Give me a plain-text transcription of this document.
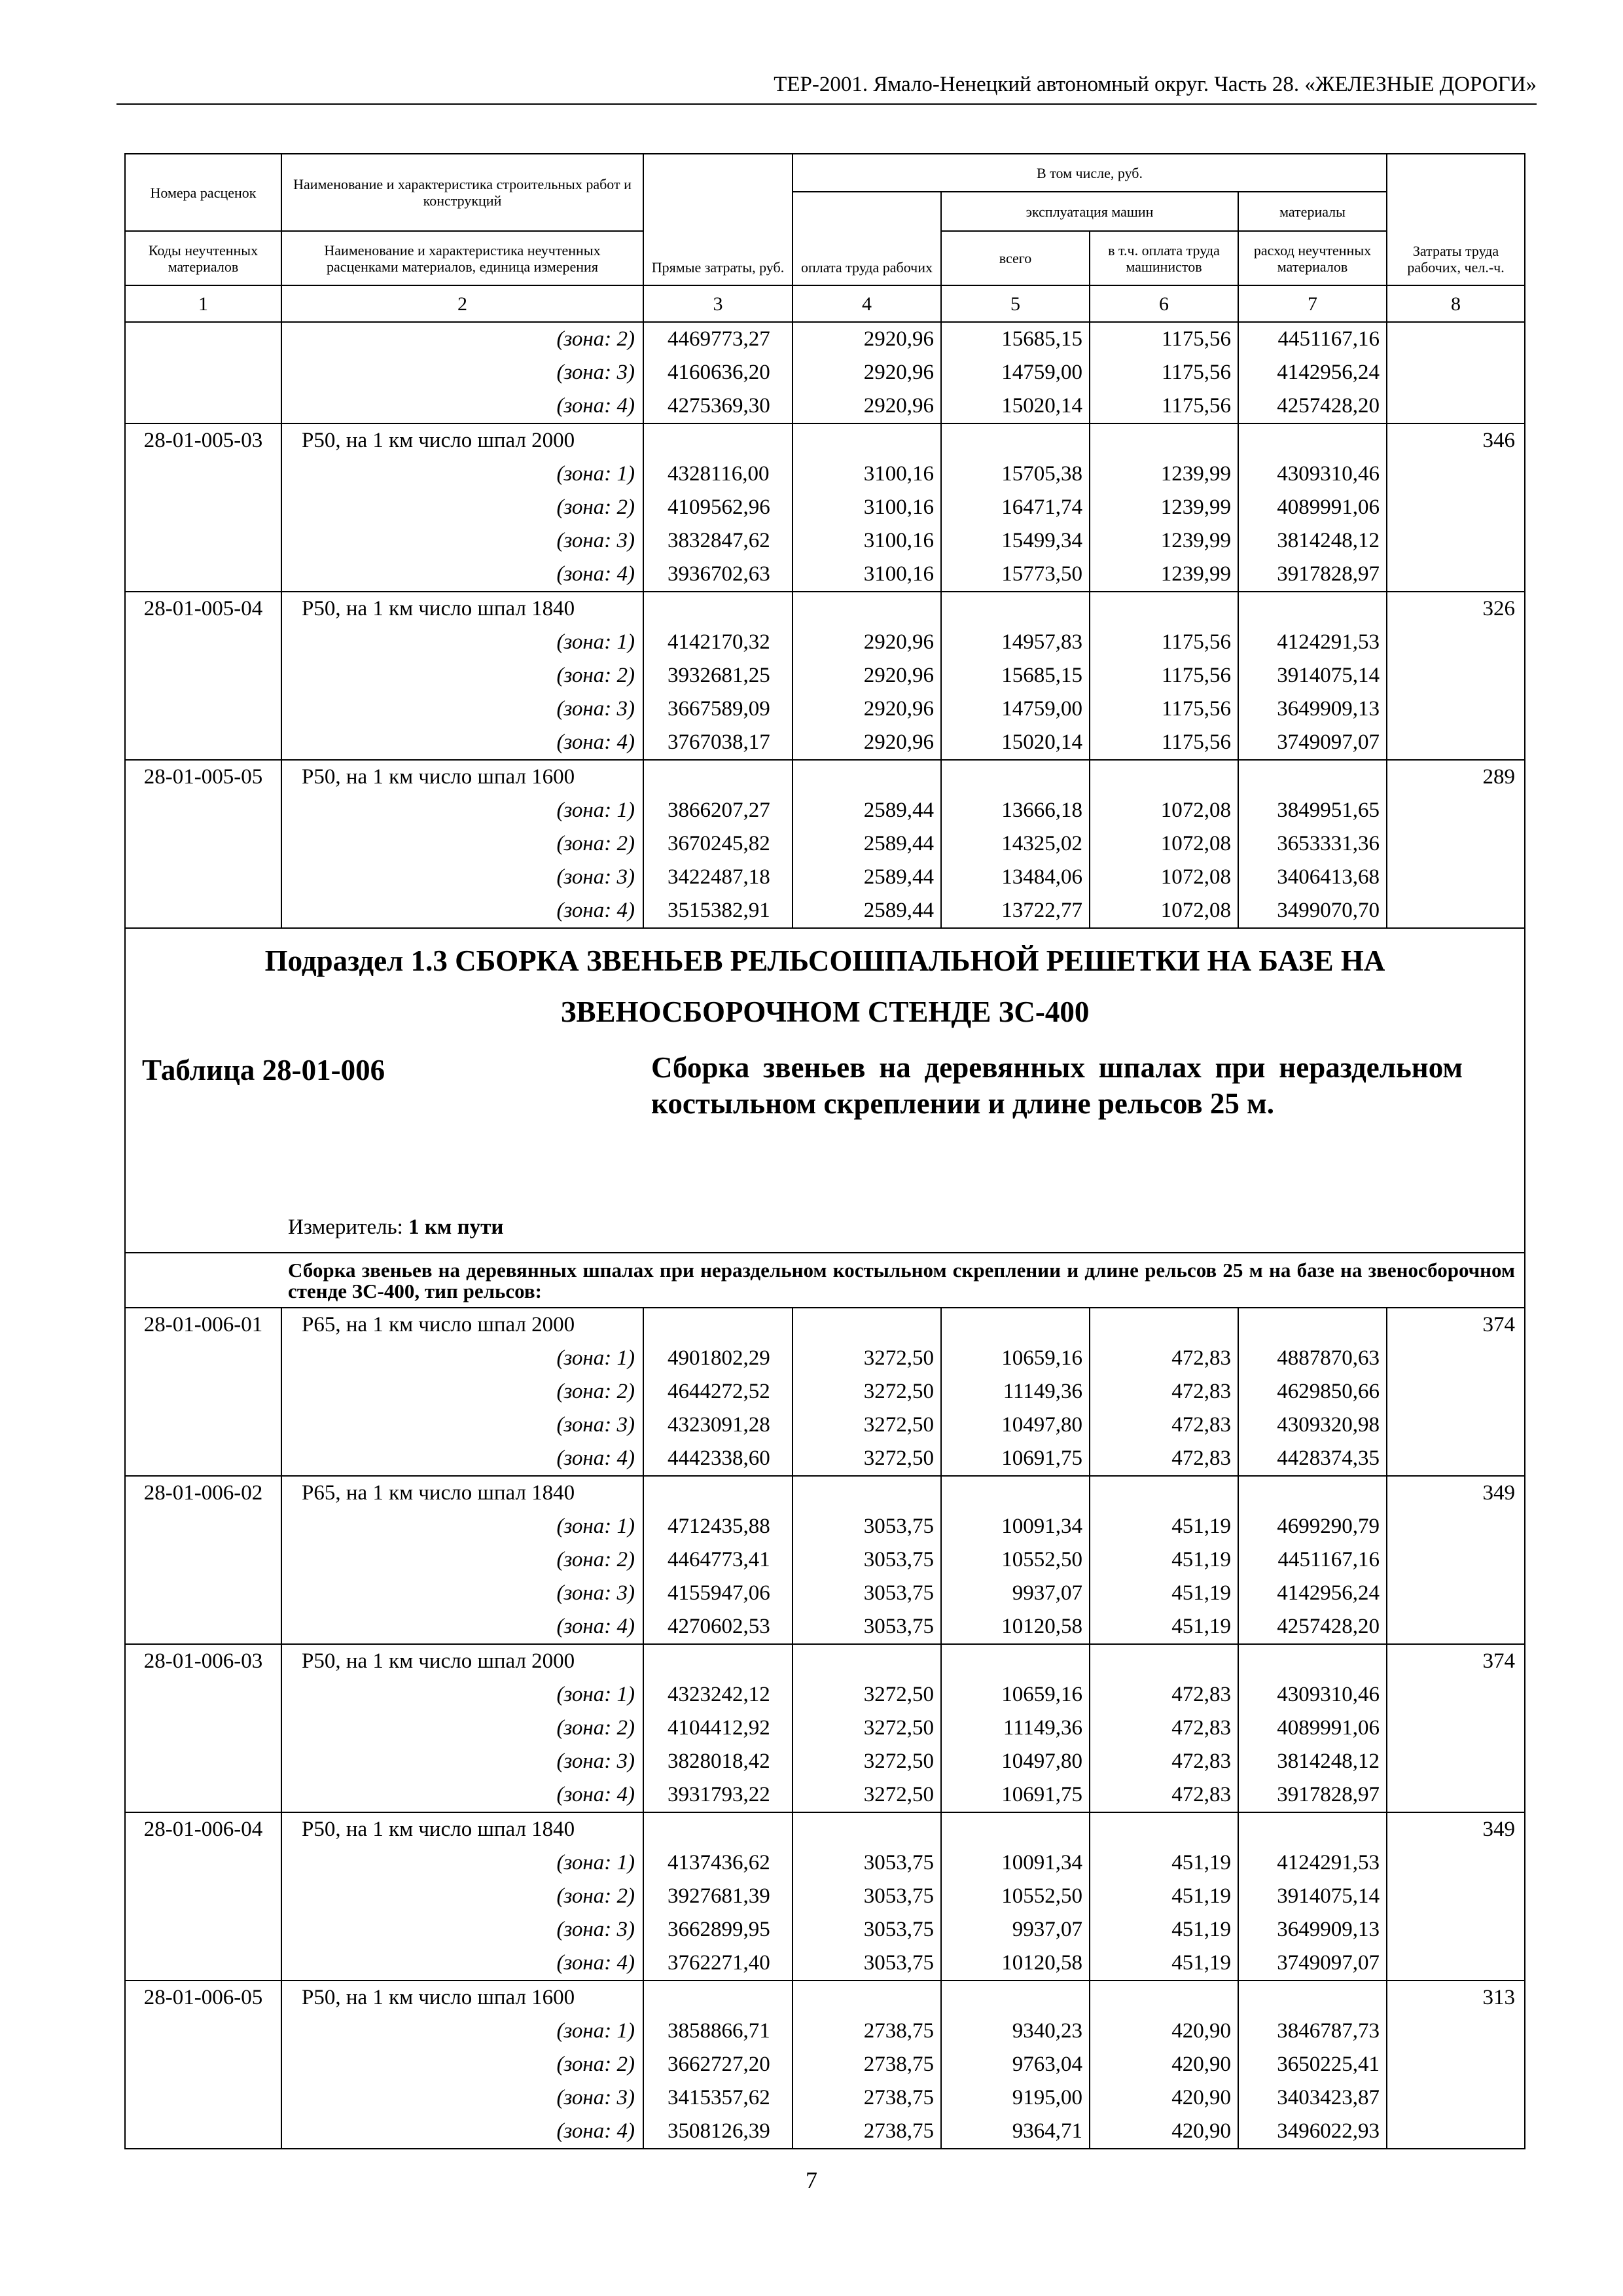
ТЕР-2001. Ямало-Ненецкий автономный округ. Часть 28. «ЖЕЛЕЗНЫЕ ДОРОГИ»
Номера расценок	Наименование и характеристика строительных работ и конструкций	Прямые затраты, руб.	В том числе, руб.				Затраты труда рабочих, чел.-ч.
			оплата труда рабочих	эксплуатация машин		материалы	
Коды неучтенных материалов	Наименование и характеристика неучтенных расценками материалов, единица измерения			всего	в т.ч. оплата труда машинистов	расход неучтенных материалов	
1	2	3	4	5	6	7	8
	(зона: 2)	4469773,27	2920,96	15685,15	1175,56	4451167,16	
	(зона: 3)	4160636,20	2920,96	14759,00	1175,56	4142956,24	
	(зона: 4)	4275369,30	2920,96	15020,14	1175,56	4257428,20	
28-01-005-03	Р50, на 1 км число шпал 2000						346
	(зона: 1)	4328116,00	3100,16	15705,38	1239,99	4309310,46	
	(зона: 2)	4109562,96	3100,16	16471,74	1239,99	4089991,06	
	(зона: 3)	3832847,62	3100,16	15499,34	1239,99	3814248,12	
	(зона: 4)	3936702,63	3100,16	15773,50	1239,99	3917828,97	
28-01-005-04	Р50, на 1 км число шпал 1840						326
	(зона: 1)	4142170,32	2920,96	14957,83	1175,56	4124291,53	
	(зона: 2)	3932681,25	2920,96	15685,15	1175,56	3914075,14	
	(зона: 3)	3667589,09	2920,96	14759,00	1175,56	3649909,13	
	(зона: 4)	3767038,17	2920,96	15020,14	1175,56	3749097,07	
28-01-005-05	Р50, на 1 км число шпал 1600						289
	(зона: 1)	3866207,27	2589,44	13666,18	1072,08	3849951,65	
	(зона: 2)	3670245,82	2589,44	14325,02	1072,08	3653331,36	
	(зона: 3)	3422487,18	2589,44	13484,06	1072,08	3406413,68	
	(зона: 4)	3515382,91	2589,44	13722,77	1072,08	3499070,70	

Подраздел 1.3 СБОРКА ЗВЕНЬЕВ РЕЛЬСОШПАЛЬНОЙ РЕШЕТКИ НА БАЗЕ НА ЗВЕНОСБОРОЧНОМ СТЕНДЕ ЗС-400
Таблица 28-01-006 Сборка звеньев на деревянных шпалах при нераздельном костыльном скреплении и длине рельсов 25 м.
Измеритель: 1 км пути							

Сборка звеньев на деревянных шпалах при нераздельном костыльном скреплении и длине рельсов 25 м на базе на звеносборочном стенде ЗС-400, тип рельсов:							
28-01-006-01	Р65, на 1 км число шпал 2000						374
	(зона: 1)	4901802,29	3272,50	10659,16	472,83	4887870,63	
	(зона: 2)	4644272,52	3272,50	11149,36	472,83	4629850,66	
	(зона: 3)	4323091,28	3272,50	10497,80	472,83	4309320,98	
	(зона: 4)	4442338,60	3272,50	10691,75	472,83	4428374,35	
28-01-006-02	Р65, на 1 км число шпал 1840						349
	(зона: 1)	4712435,88	3053,75	10091,34	451,19	4699290,79	
	(зона: 2)	4464773,41	3053,75	10552,50	451,19	4451167,16	
	(зона: 3)	4155947,06	3053,75	9937,07	451,19	4142956,24	
	(зона: 4)	4270602,53	3053,75	10120,58	451,19	4257428,20	
28-01-006-03	Р50, на 1 км число шпал 2000						374
	(зона: 1)	4323242,12	3272,50	10659,16	472,83	4309310,46	
	(зона: 2)	4104412,92	3272,50	11149,36	472,83	4089991,06	
	(зона: 3)	3828018,42	3272,50	10497,80	472,83	3814248,12	
	(зона: 4)	3931793,22	3272,50	10691,75	472,83	3917828,97	
28-01-006-04	Р50, на 1 км число шпал 1840						349
	(зона: 1)	4137436,62	3053,75	10091,34	451,19	4124291,53	
	(зона: 2)	3927681,39	3053,75	10552,50	451,19	3914075,14	
	(зона: 3)	3662899,95	3053,75	9937,07	451,19	3649909,13	
	(зона: 4)	3762271,40	3053,75	10120,58	451,19	3749097,07	
28-01-006-05	Р50, на 1 км число шпал 1600						313
	(зона: 1)	3858866,71	2738,75	9340,23	420,90	3846787,73	
	(зона: 2)	3662727,20	2738,75	9763,04	420,90	3650225,41	
	(зона: 3)	3415357,62	2738,75	9195,00	420,90	3403423,87	
	(зона: 4)	3508126,39	2738,75	9364,71	420,90	3496022,93	
7
